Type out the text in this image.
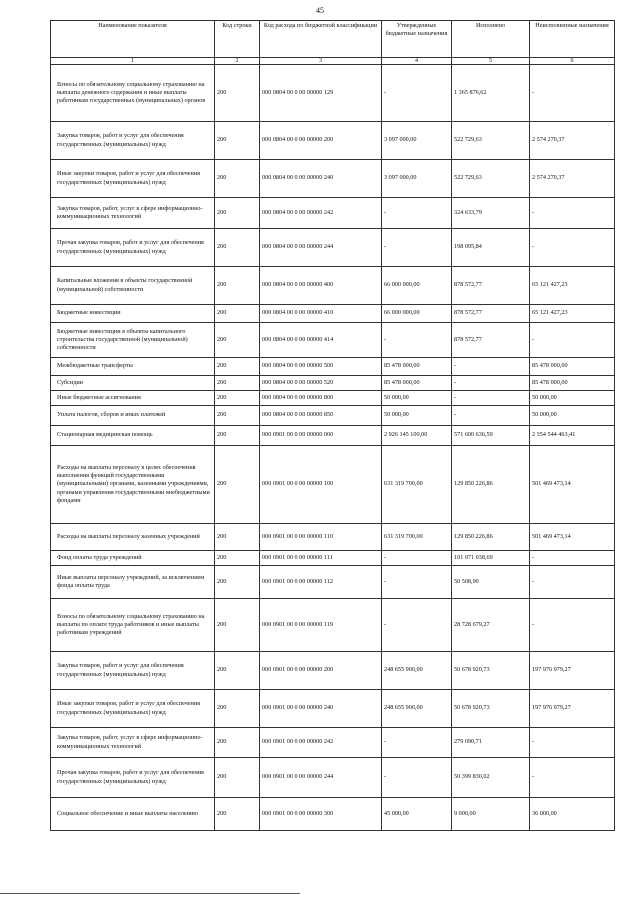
45
Наименование показателя	Код строки	Код расхода по бюджетной классификации	Утвержденные бюджетные назначения	Исполнено	Неисполненные назначения
1	2	3	4	5	6
Взносы по обязательному социальному страхованию на выплаты денежного содержания и иные выплаты работникам государственных (муниципальных) органов	200	000 0804 00 0 00 00000 129	-	1 365 876,62	-
Закупка товаров, работ и услуг для обеспечения государственных (муниципальных) нужд	200	000 0804 00 0 00 00000 200	3 097 000,00	522 729,63	2 574 270,37
Иные закупки товаров, работ и услуг для обеспечения государственных (муниципальных) нужд	200	000 0804 00 0 00 00000 240	3 097 000,00	522 729,63	2 574 270,37
Закупка товаров, работ, услуг в сфере информационно-коммуникационных технологий	200	000 0804 00 0 00 00000 242	-	324 633,79	-
Прочая закупка товаров, работ и услуг для обеспечения государственных (муниципальных) нужд	200	000 0804 00 0 00 00000 244	-	198 095,84	-
Капитальные вложения в объекты государственной (муниципальной) собственности	200	000 0804 00 0 00 00000 400	66 000 000,00	878 572,77	65 121 427,23
Бюджетные инвестиции	200	000 0804 00 0 00 00000 410	66 000 000,00	878 572,77	65 121 427,23
Бюджетные инвестиции в объекты капитального строительства государственной (муниципальной) собственности	200	000 0804 00 0 00 00000 414	-	878 572,77	-
Межбюджетные трансферты	200	000 0804 00 0 00 00000 500	85 478 000,00	-	85 478 000,00
Субсидии	200	000 0804 00 0 00 00000 520	85 478 000,00	-	85 478 000,00
Иные бюджетные ассигнования	200	000 0804 00 0 00 00000 800	50 000,00	-	50 000,00
Уплата налогов, сборов и иных платежей	200	000 0804 00 0 00 00000 850	50 000,00	-	50 000,00
Стационарная медицинская помощь	200	000 0901 00 0 00 00000 000	2 926 145 100,00	571 600 636,59	2 354 544 463,41
Расходы на выплаты персоналу в целях обеспечения выполнения функций государственными (муниципальными) органами, казенными учреждениями, органами управления государственными внебюджетными фондами	200	000 0901 00 0 00 00000 100	631 319 700,00	129 850 226,86	501 469 473,14
Расходы на выплаты персоналу казенных учреждений	200	000 0901 00 0 00 00000 110	631 319 700,00	129 850 226,86	501 469 473,14
Фонд оплаты труда учреждений	200	000 0901 00 0 00 00000 111	-	101 071 038,69	-
Иные выплаты персоналу учреждений, за исключением фонда оплаты труда	200	000 0901 00 0 00 00000 112	-	50 508,90	-
Взносы по обязательному социальному страхованию на выплаты по оплате труда работников и иные выплаты работникам учреждений	200	000 0901 00 0 00 00000 119	-	28 728 679,27	-
Закупка товаров, работ и услуг для обеспечения государственных (муниципальных) нужд	200	000 0901 00 0 00 00000 200	248 655 900,00	50 678 920,73	197 976 979,27
Иные закупки товаров, работ и услуг для обеспечения государственных (муниципальных) нужд	200	000 0901 00 0 00 00000 240	248 655 900,00	50 678 920,73	197 976 979,27
Закупка товаров, работ, услуг в сфере информационно-коммуникационных технологий	200	000 0901 00 0 00 00000 242	-	279 090,71	-
Прочая закупка товаров, работ и услуг для обеспечения государственных (муниципальных) нужд	200	000 0901 00 0 00 00000 244	-	50 399 830,02	-
Социальное обеспечение и иные выплаты населению	200	000 0901 00 0 00 00000 300	45 000,00	9 000,00	36 000,00
